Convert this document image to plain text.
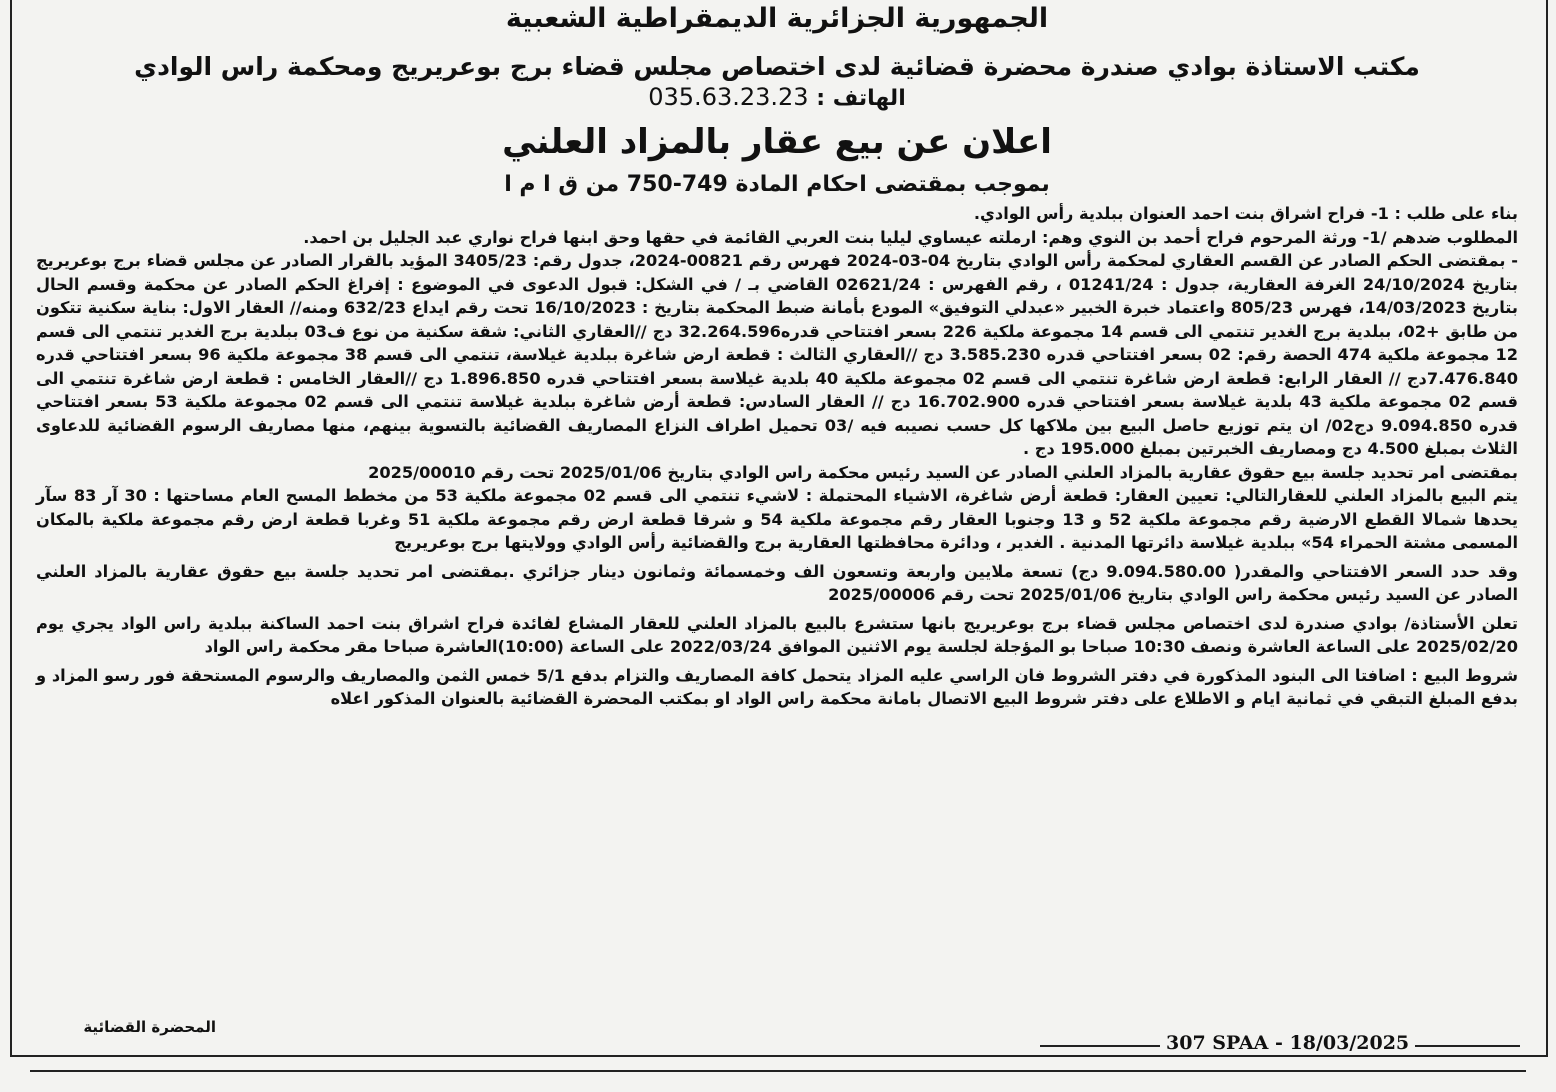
الجمهورية الجزائرية الديمقراطية الشعبية
مكتب الاستاذة بوادي صندرة محضرة قضائية لدى اختصاص مجلس قضاء برج بوعريريج ومحكمة راس الوادي
الهاتف : 035.63.23.23
اعلان عن بيع عقار بالمزاد العلني
بموجب بمقتضى احكام المادة 749-750 من ق ا م ا

بناء على طلب : 1- فراح اشراق بنت احمد العنوان ببلدية رأس الوادي.

المطلوب ضدهم /1- ورثة المرحوم فراح أحمد بن النوي وهم: ارملته عيساوي ليليا بنت العربي القائمة في حقها وحق ابنها فراح نواري عبد الجليل بن احمد.

- بمقتضى الحكم الصادر عن القسم العقاري لمحكمة رأس الوادي بتاريخ 04-03-2024 فهرس رقم 00821-2024، جدول رقم: 3405/23 المؤيد بالقرار الصادر عن مجلس قضاء برج بوعريريج بتاريخ 24/10/2024 الغرفة العقارية، جدول : 01241/24 ، رقم الفهرس : 02621/24 القاضي بـ / في الشكل: قبول الدعوى في الموضوع : إفراغ الحكم الصادر عن محكمة وقسم الحال بتاريخ 14/03/2023، فهرس 805/23 واعتماد خبرة الخبير «عبدلي التوفيق» المودع بأمانة ضبط المحكمة بتاريخ : 16/10/2023 تحت رقم ايداع 632/23 ومنه// العقار الاول: بناية سكنية تتكون من طابق +02، ببلدية برج الغدير تنتمي الى قسم 14 مجموعة ملكية 226 بسعر افتتاحي قدره32.264.596 دج //العقاري الثاني: شقة سكنية من نوع ف03 ببلدية برج الغدير تنتمي الى قسم 12 مجموعة ملكية 474 الحصة رقم: 02 بسعر افتتاحي قدره 3.585.230 دج //العقاري الثالث : قطعة ارض شاغرة ببلدية غيلاسة، تنتمي الى قسم 38 مجموعة ملكية 96 بسعر افتتاحي قدره 7.476.840دج // العقار الرابع: قطعة ارض شاغرة تنتمي الى قسم 02 مجموعة ملكية 40 بلدية غيلاسة بسعر افتتاحي قدره 1.896.850 دج //العقار الخامس : قطعة ارض شاغرة تنتمي الى قسم 02 مجموعة ملكية 43 بلدية غيلاسة بسعر افتتاحي قدره 16.702.900 دج // العقار السادس: قطعة أرض شاغرة ببلدية غيلاسة تنتمي الى قسم 02 مجموعة ملكية 53 بسعر افتتاحي قدره 9.094.850 دج02/ ان يتم توزيع حاصل البيع بين ملاكها كل حسب نصيبه فيه /03 تحميل اطراف النزاع المصاريف القضائية بالتسوية بينهم، منها مصاريف الرسوم القضائية للدعاوى الثلاث بمبلغ 4.500 دج ومصاريف الخبرتين بمبلغ 195.000 دج .

بمقتضى امر تحديد جلسة بيع حقوق عقارية بالمزاد العلني الصادر عن السيد رئيس محكمة راس الوادي بتاريخ 2025/01/06 تحت رقم 2025/00010

يتم البيع بالمزاد العلني للعقارالتالي: تعيين العقار: قطعة أرض شاغرة، الاشياء المحتملة : لاشيء تنتمي الى قسم 02 مجموعة ملكية 53 من مخطط المسح العام مساحتها : 30 آر 83 سآر يحدها شمالا القطع الارضية رقم مجموعة ملكية 52 و 13 وجنوبا العقار رقم مجموعة ملكية 54 و شرقا قطعة ارض رقم مجموعة ملكية 51 وغربا قطعة ارض رقم مجموعة ملكية بالمكان المسمى مشتة الحمراء 54» ببلدية غيلاسة دائرتها المدنية . الغدير ، ودائرة محافظتها العقارية برج والقضائية رأس الوادي وولايتها برج بوعريريج

وقد حدد السعر الافتتاحي والمقدر( 9.094.580.00 دج) تسعة ملايين واربعة وتسعون الف وخمسمائة وثمانون دينار جزائري .بمقتضى امر تحديد جلسة بيع حقوق عقارية بالمزاد العلني الصادر عن السيد رئيس محكمة راس الوادي بتاريخ 2025/01/06 تحت رقم 2025/00006

تعلن الأستاذة/ بوادي صندرة لدى اختصاص مجلس قضاء برج بوعريريج بانها ستشرع بالبيع بالمزاد العلني للعقار المشاع لفائدة فراح اشراق بنت احمد الساكنة ببلدية راس الواد يجري يوم 2025/02/20 على الساعة العاشرة ونصف 10:30 صباحا بو المؤجلة لجلسة يوم الاثنين الموافق 2022/03/24 على الساعة (10:00)العاشرة صباحا مقر محكمة راس الواد

شروط البيع : اضافتا الى البنود المذكورة في دفتر الشروط فان الراسي عليه المزاد يتحمل كافة المصاريف والتزام بدفع 5/1 خمس الثمن والمصاريف والرسوم المستحقة فور رسو المزاد و بدفع المبلغ التبقي في ثمانية ايام و الاطلاع على دفتر شروط البيع الاتصال بامانة محكمة راس الواد او بمكتب المحضرة القضائية بالعنوان المذكور اعلاه

المحضرة القضائية
307 SPAA - 18/03/2025
